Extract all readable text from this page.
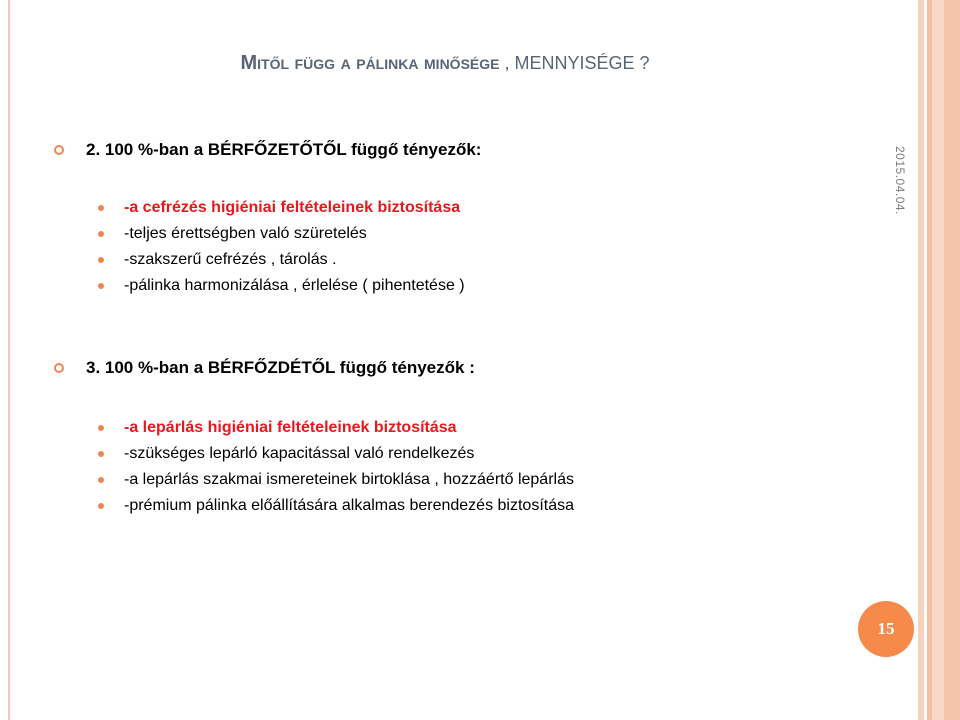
Mitől függ a pálinka minősége , MENNYISÉGE ?
2015.04.04.
2. 100 %-ban a BÉRFŐZETŐTŐL függő tényezők:
-a cefrézés higiéniai feltételeinek biztosítása
-teljes érettségben való szüretelés
-szakszerű cefrézés , tárolás .
-pálinka harmonizálása , érlelése ( pihentetése )
3. 100 %-ban a BÉRFŐZDÉTŐL függő tényezők :
-a lepárlás higiéniai feltételeinek biztosítása
-szükséges lepárló kapacitással való rendelkezés
-a lepárlás szakmai ismereteinek birtoklása , hozzáértő lepárlás
-prémium pálinka előállítására alkalmas berendezés biztosítása
15
